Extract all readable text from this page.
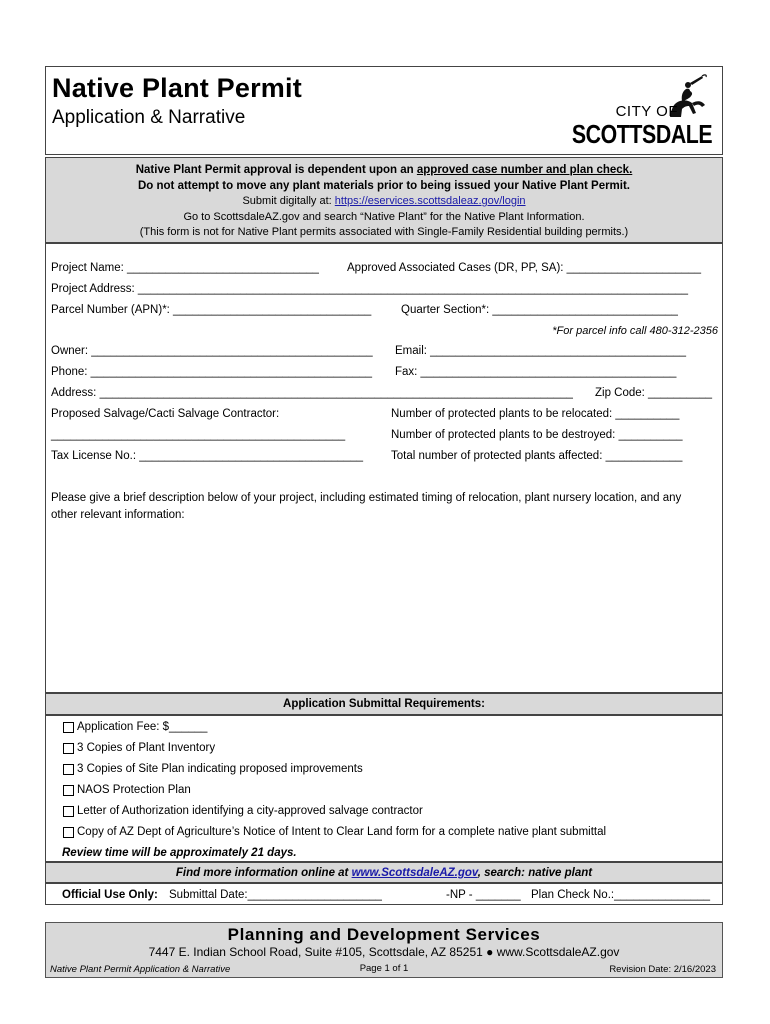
Native Plant Permit
Application & Narrative	CITY OF
SCOTTSDALE
Native Plant Permit approval is dependent upon an approved case number and plan check.
Do not attempt to move any plant materials prior to being issued your Native Plant Permit.
Submit digitally at: https://eservices.scottsdaleaz.gov/login
Go to ScottsdaleAZ.gov and search “Native Plant” for the Native Plant Information.
(This form is not for Native Plant permits associated with Single-Family Residential building permits.)
Project Name: ______________________________ Approved Associated Cases (DR, PP, SA): _____________________
Project Address: ______________________________________________________________________________________
Parcel Number (APN)*: _______________________________	Quarter Section*: _____________________________
*For parcel info call 480-312-2356
Owner: ____________________________________________ Email: ________________________________________
Phone: ____________________________________________ Fax: ________________________________________
Address: __________________________________________________________________________ Zip Code: __________
Proposed Salvage/Cacti Salvage Contractor:	Number of protected plants to be relocated: __________
______________________________________________	Number of protected plants to be destroyed: __________
Tax License No.: ___________________________________ Total number of protected plants affected: ____________
Please give a brief description below of your project, including estimated timing of relocation, plant nursery location, and any other relevant information:
Application Submittal Requirements:
Application Fee: $______
3 Copies of Plant Inventory
3 Copies of Site Plan indicating proposed improvements
NAOS Protection Plan
Letter of Authorization identifying a city-approved salvage contractor
Copy of AZ Dept of Agriculture’s Notice of Intent to Clear Land form for a complete native plant submittal
Review time will be approximately 21 days.
Find more information online at www.ScottsdaleAZ.gov, search: native plant
Official Use Only: Submittal Date:_____________________	-NP - _______ Plan Check No.:_______________
Planning and Development Services
7447 E. Indian School Road, Suite #105, Scottsdale, AZ 85251 ● www.ScottsdaleAZ.gov
Native Plant Permit Application & Narrative	Page 1 of 1	Revision Date: 2/16/2023
